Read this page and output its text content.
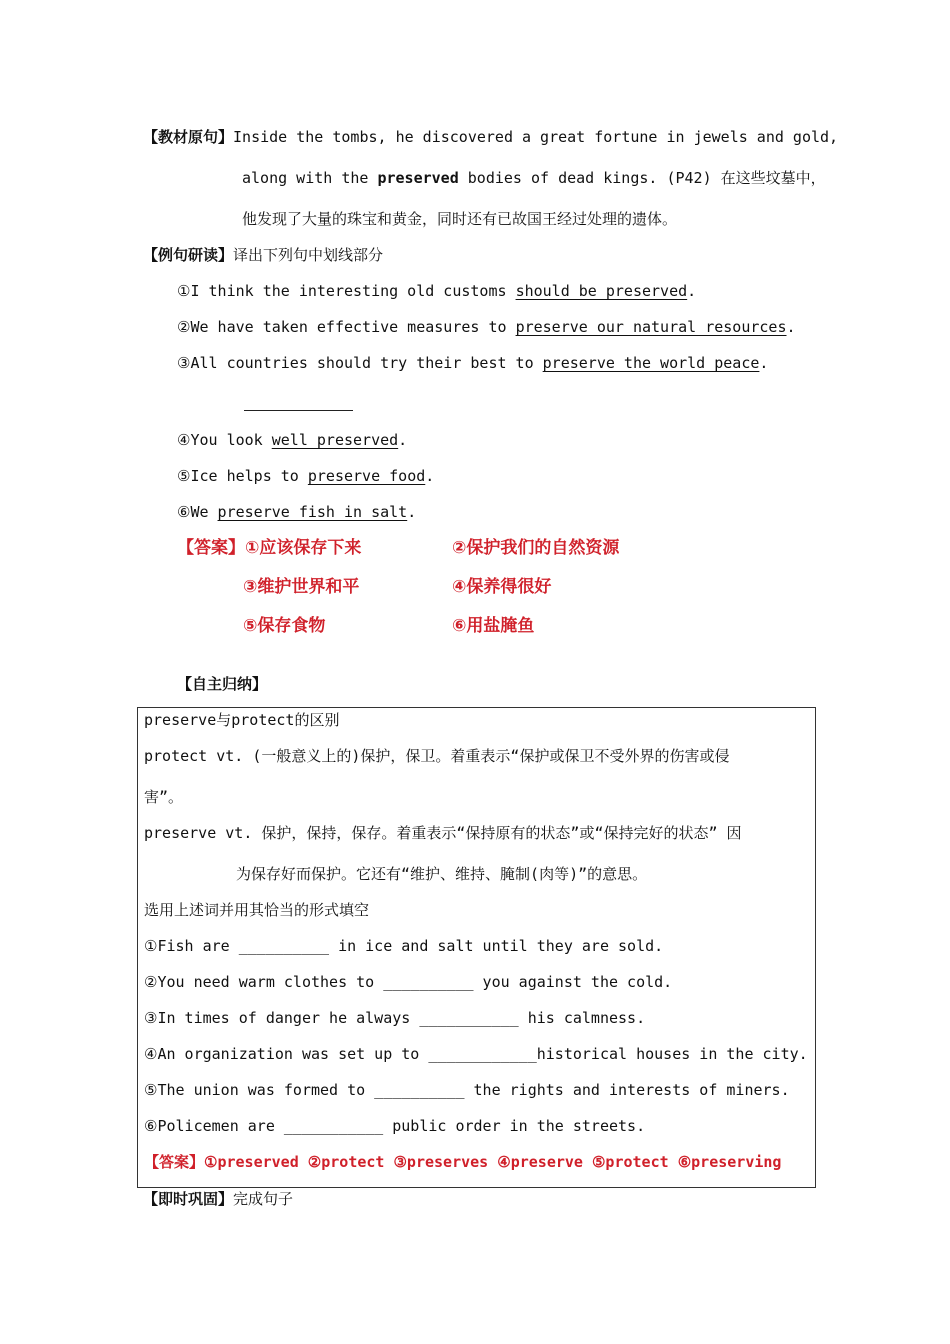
【教材原句】Inside the tombs, he discovered a great fortune in jewels and gold,
along with the preserved bodies of dead kings. (P42) 在这些坟墓中，
他发现了大量的珠宝和黄金，同时还有已故国王经过处理的遗体。
【例句研读】译出下列句中划线部分
①I think the interesting old customs should be preserved.
②We have taken effective measures to preserve our natural resources.
③All countries should try their best to preserve the world peace.
④You look well preserved.
⑤Ice helps to preserve food.
⑥We preserve fish in salt.
【答案】①应该保存下来	②保护我们的自然资源
③维护世界和平	④保养得很好
⑤保存食物	⑥用盐腌鱼
【自主归纳】
preserve与protect的区别
protect vt. (一般意义上的)保护，保卫。着重表示“保护或保卫不受外界的伤害或侵
害”。
preserve vt. 保护，保持，保存。着重表示“保持原有的状态”或“保持完好的状态” 因
为保存好而保护。它还有“维护、维持、腌制(肉等)”的意思。
选用上述词并用其恰当的形式填空
①Fish are __________ in ice and salt until they are sold.
②You need warm clothes to __________ you against the cold.
③In times of danger he always ___________ his calmness.
④An organization was set up to ____________historical houses in the city.
⑤The union was formed to __________ the rights and interests of miners.
⑥Policemen are ___________ public order in the streets.
【答案】①preserved ②protect ③preserves ④preserve ⑤protect ⑥preserving
【即时巩固】完成句子
